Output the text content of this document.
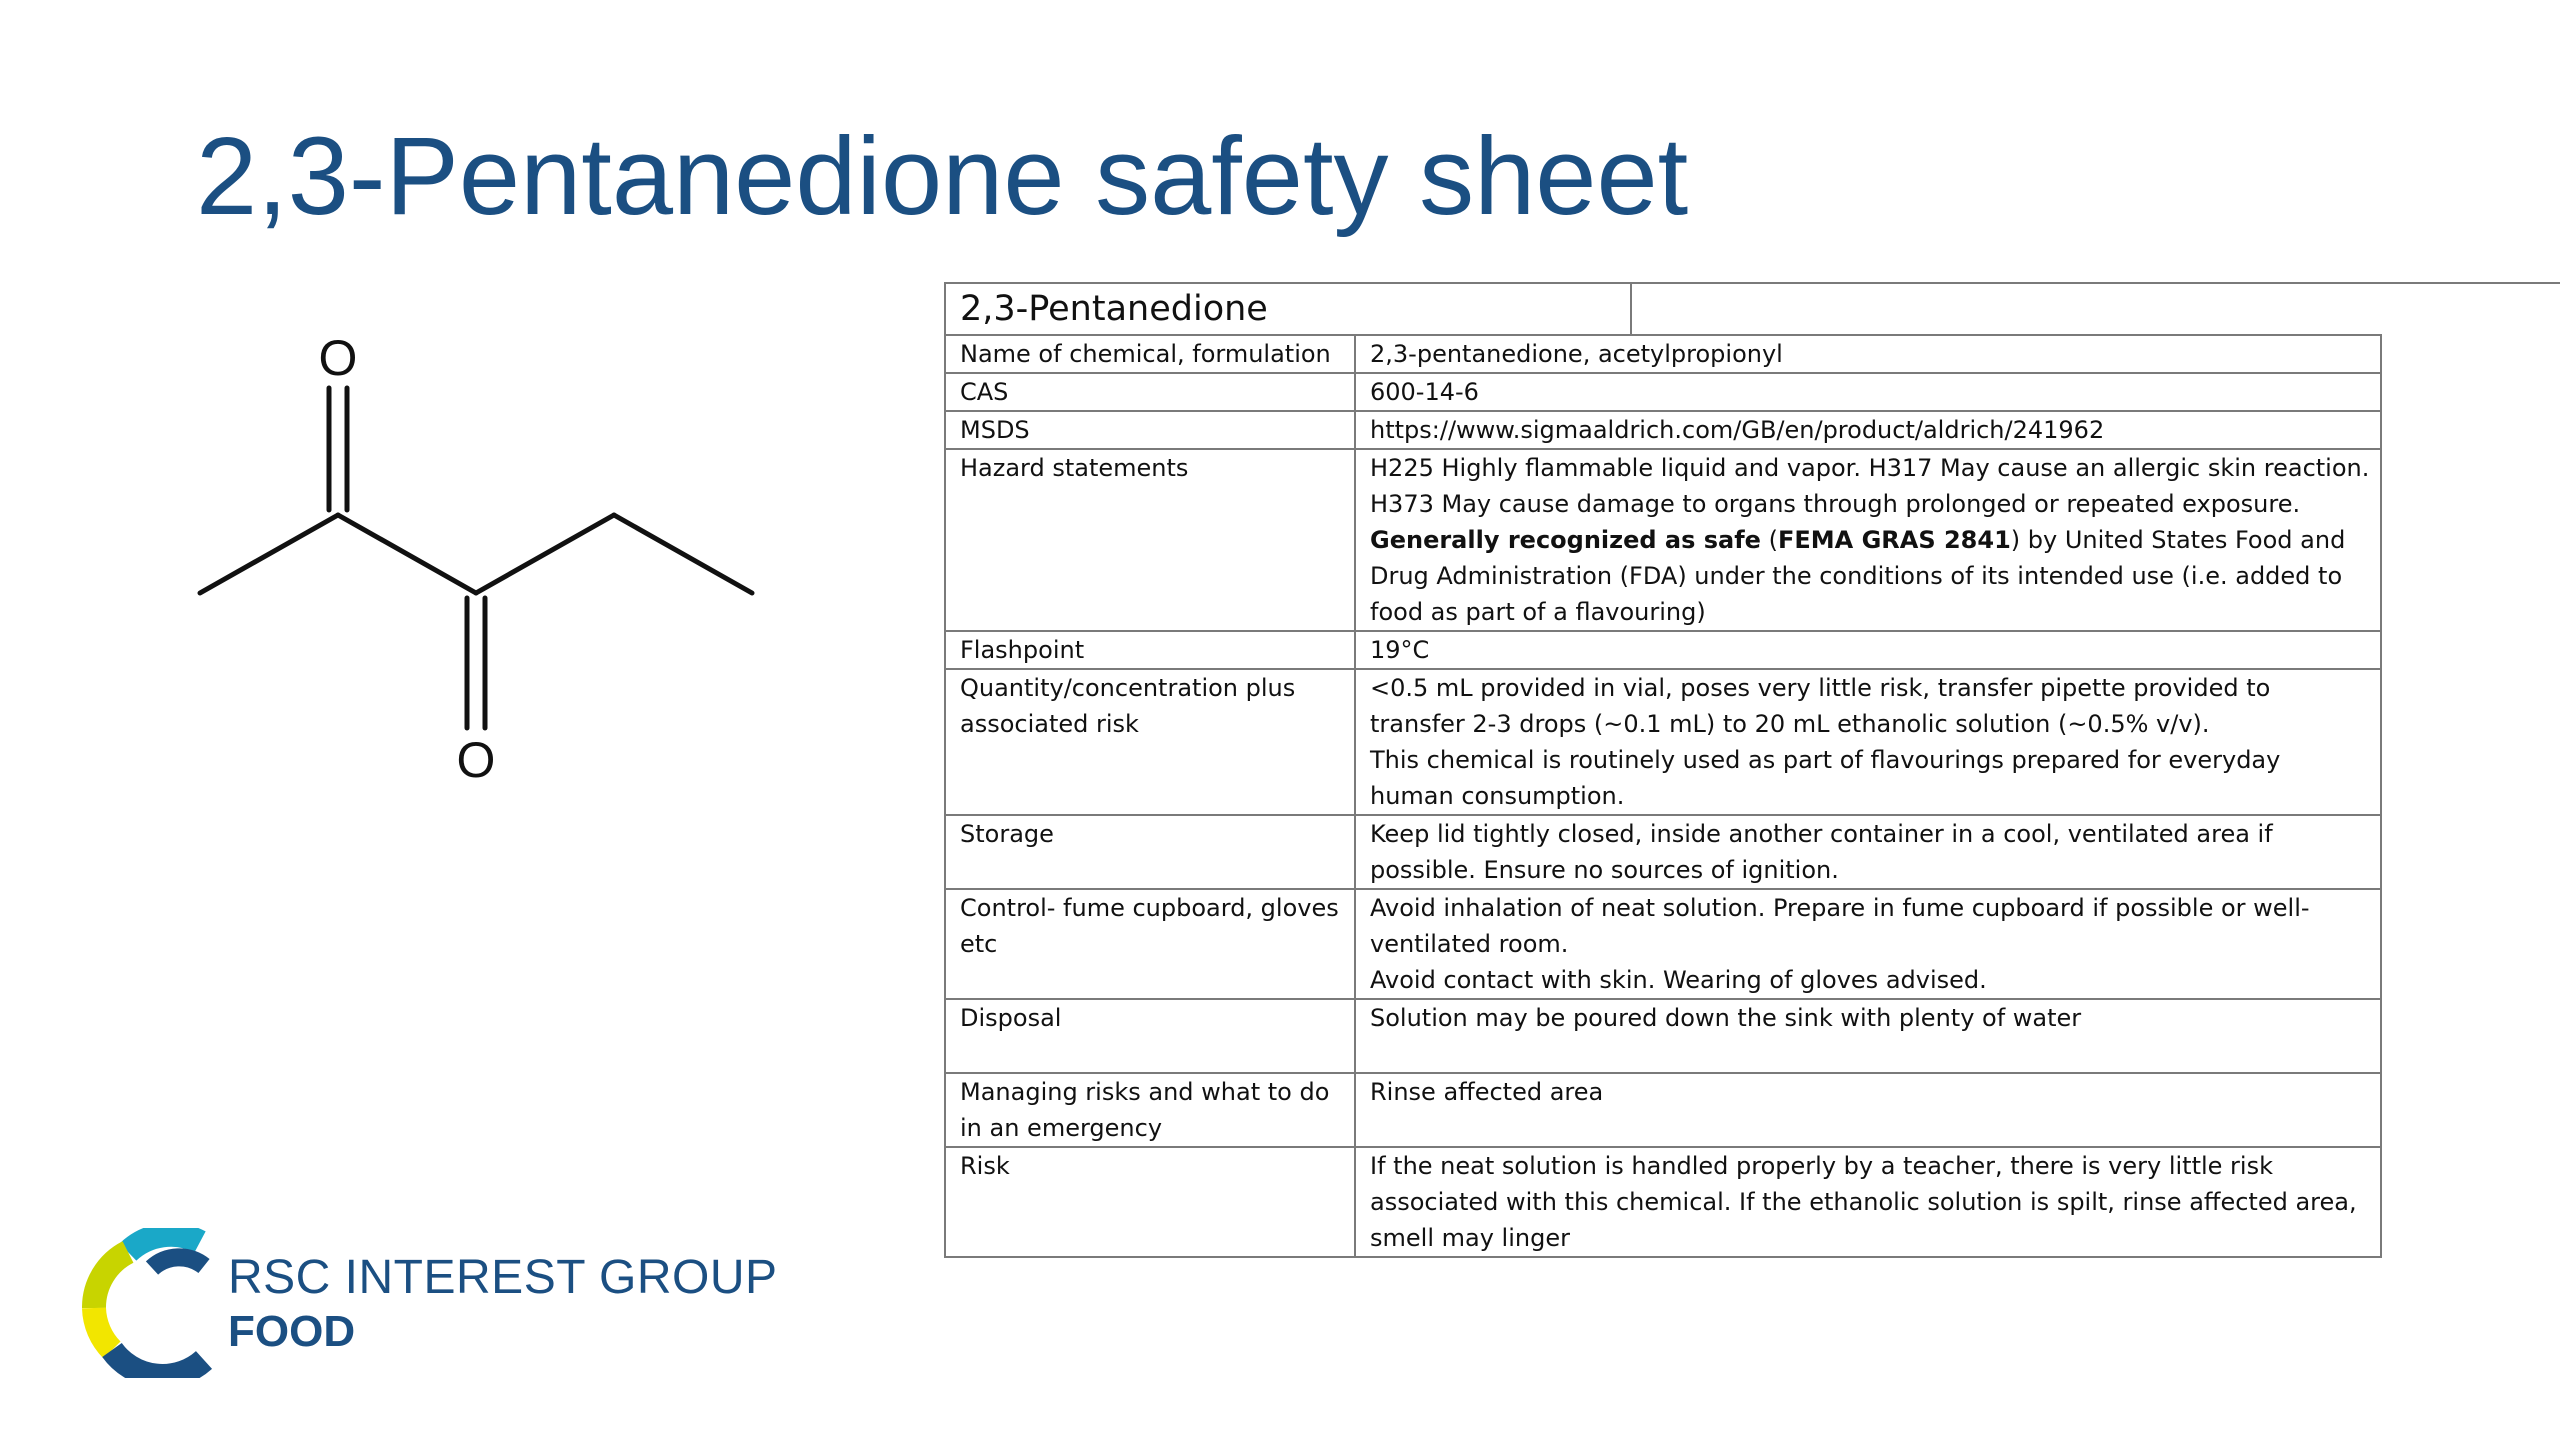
2,3-Pentanedione safety sheet
O
O
2,3-Pentanedione
Name of chemical, formulation	2,3-pentanedione, acetylpropionyl

CAS	600-14-6

MSDS	https://www.sigmaaldrich.com/GB/en/product/aldrich/241962

Hazard statements	H225 Highly flammable liquid and vapor. H317 May cause an allergic skin reaction. H373 May cause damage to organs through prolonged or repeated exposure.
Generally recognized as safe (FEMA GRAS 2841) by United States Food and Drug Administration (FDA) under the conditions of its intended use (i.e. added to food as part of a flavouring)

Flashpoint	19°C

Quantity/concentration plus associated risk	<0.5 mL provided in vial, poses very little risk, transfer pipette provided to transfer 2-3 drops (~0.1 mL) to 20 mL ethanolic solution (~0.5% v/v).
This chemical is routinely used as part of flavourings prepared for everyday human consumption.

Storage	Keep lid tightly closed, inside another container in a cool, ventilated area if possible. Ensure no sources of ignition.

Control- fume cupboard, gloves etc	Avoid inhalation of neat solution. Prepare in fume cupboard if possible or well-ventilated room.
Avoid contact with skin. Wearing of gloves advised.

Disposal	Solution may be poured down the sink with plenty of water

Managing risks and what to do in an emergency	Rinse affected area

Risk	If the neat solution is handled properly by a teacher, there is very little risk associated with this chemical. If the ethanolic solution is spilt, rinse affected area, smell may linger
RSC INTEREST GROUP
FOOD
